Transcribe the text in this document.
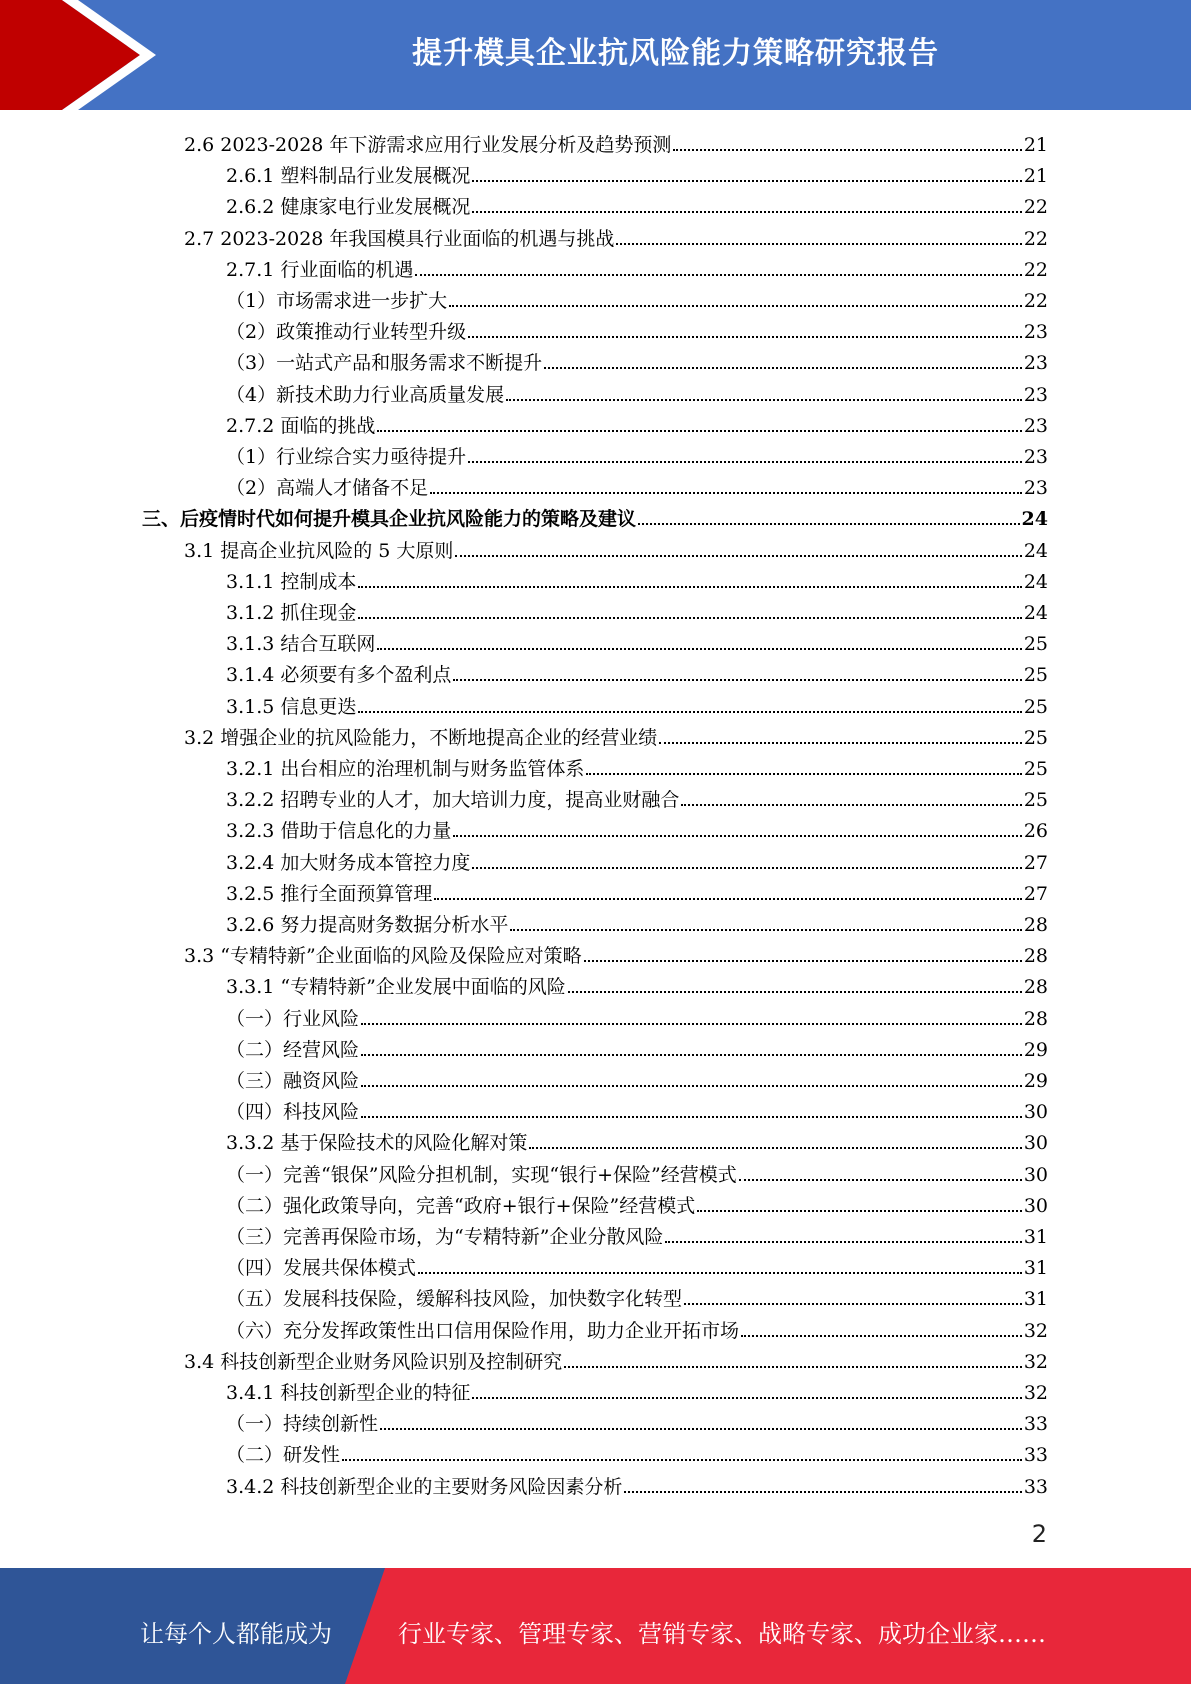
提升模具企业抗风险能力策略研究报告
2.6 2023-2028 年下游需求应用行业发展分析及趋势预测	21
2.6.1 塑料制品行业发展概况	21
2.6.2 健康家电行业发展概况	22
2.7 2023-2028 年我国模具行业面临的机遇与挑战	22
2.7.1 行业面临的机遇	22
（1）市场需求进一步扩大	22
（2）政策推动行业转型升级	23
（3）一站式产品和服务需求不断提升	23
（4）新技术助力行业高质量发展	23
2.7.2 面临的挑战	23
（1）行业综合实力亟待提升	23
（2）高端人才储备不足	23
三、后疫情时代如何提升模具企业抗风险能力的策略及建议	24
3.1 提高企业抗风险的 5 大原则	24
3.1.1 控制成本	24
3.1.2 抓住现金	24
3.1.3 结合互联网	25
3.1.4 必须要有多个盈利点	25
3.1.5 信息更迭	25
3.2 增强企业的抗风险能力，不断地提高企业的经营业绩	25
3.2.1 出台相应的治理机制与财务监管体系	25
3.2.2 招聘专业的人才，加大培训力度，提高业财融合	25
3.2.3 借助于信息化的力量	26
3.2.4 加大财务成本管控力度	27
3.2.5 推行全面预算管理	27
3.2.6 努力提高财务数据分析水平	28
3.3 “专精特新”企业面临的风险及保险应对策略	28
3.3.1 “专精特新”企业发展中面临的风险	28
（一）行业风险	28
（二）经营风险	29
（三）融资风险	29
（四）科技风险	30
3.3.2 基于保险技术的风险化解对策	30
（一）完善“银保”风险分担机制，实现“银行+保险”经营模式	30
（二）强化政策导向，完善“政府+银行+保险”经营模式	30
（三）完善再保险市场，为“专精特新”企业分散风险	31
（四）发展共保体模式	31
（五）发展科技保险，缓解科技风险，加快数字化转型	31
（六）充分发挥政策性出口信用保险作用，助力企业开拓市场	32
3.4 科技创新型企业财务风险识别及控制研究	32
3.4.1 科技创新型企业的特征	32
（一）持续创新性	33
（二）研发性	33
3.4.2 科技创新型企业的主要财务风险因素分析	33
2
让每个人都能成为	行业专家、管理专家、营销专家、战略专家、成功企业家……
